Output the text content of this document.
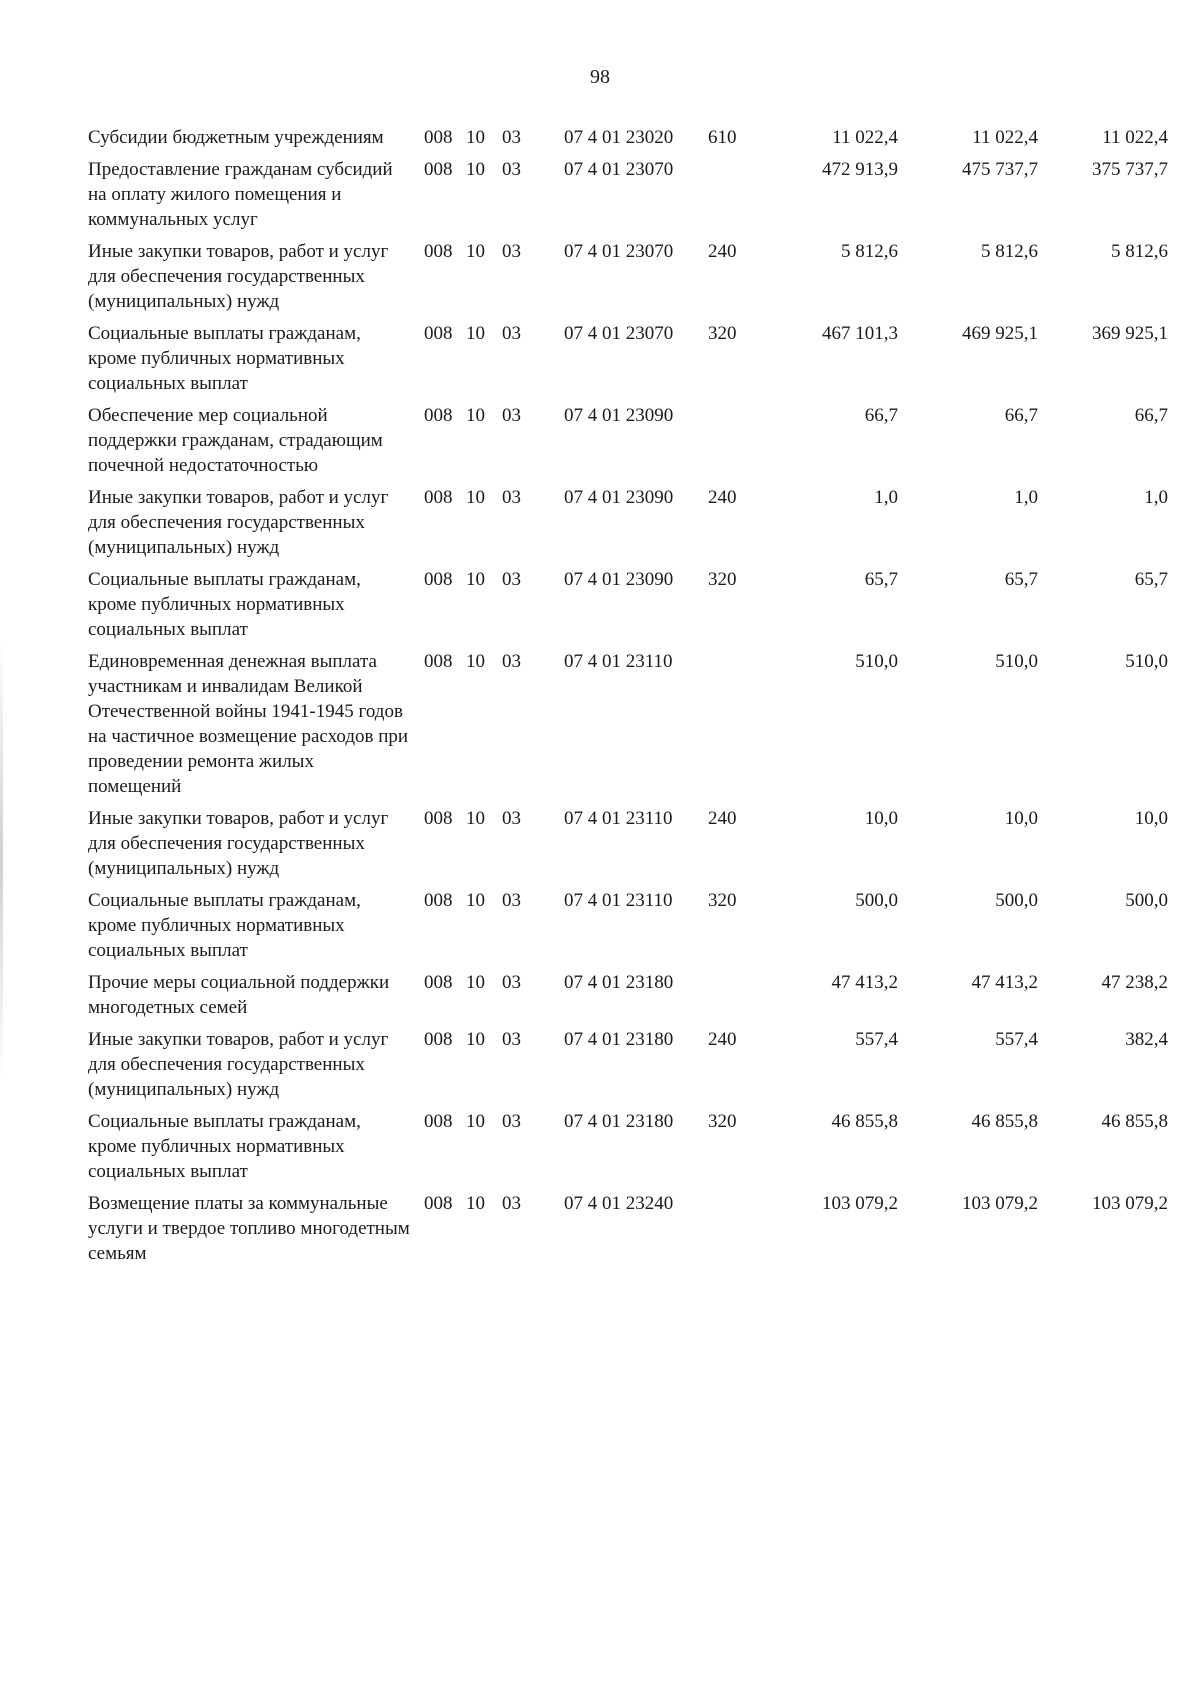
98
Субсидии бюджетным учреждениям	008	10	03	07 4 01 23020	610	11 022,4	11 022,4	11 022,4
Предоставление гражданам субсидий на оплату жилого помещения и коммунальных услуг	008	10	03	07 4 01 23070		472 913,9	475 737,7	375 737,7
Иные закупки товаров, работ и услуг для обеспечения государственных (муниципальных) нужд	008	10	03	07 4 01 23070	240	5 812,6	5 812,6	5 812,6
Социальные выплаты гражданам, кроме публичных нормативных социальных выплат	008	10	03	07 4 01 23070	320	467 101,3	469 925,1	369 925,1
Обеспечение мер социальной поддержки гражданам, страдающим почечной недостаточностью	008	10	03	07 4 01 23090		66,7	66,7	66,7
Иные закупки товаров, работ и услуг для обеспечения государственных (муниципальных) нужд	008	10	03	07 4 01 23090	240	1,0	1,0	1,0
Социальные выплаты гражданам, кроме публичных нормативных социальных выплат	008	10	03	07 4 01 23090	320	65,7	65,7	65,7
Единовременная денежная выплата участникам и инвалидам Великой Отечественной войны 1941-1945 годов на частичное возмещение расходов при проведении ремонта жилых помещений	008	10	03	07 4 01 23110		510,0	510,0	510,0
Иные закупки товаров, работ и услуг для обеспечения государственных (муниципальных) нужд	008	10	03	07 4 01 23110	240	10,0	10,0	10,0
Социальные выплаты гражданам, кроме публичных нормативных социальных выплат	008	10	03	07 4 01 23110	320	500,0	500,0	500,0
Прочие меры социальной поддержки многодетных семей	008	10	03	07 4 01 23180		47 413,2	47 413,2	47 238,2
Иные закупки товаров, работ и услуг для обеспечения государственных (муниципальных) нужд	008	10	03	07 4 01 23180	240	557,4	557,4	382,4
Социальные выплаты гражданам, кроме публичных нормативных социальных выплат	008	10	03	07 4 01 23180	320	46 855,8	46 855,8	46 855,8
Возмещение платы за коммунальные услуги и твердое топливо многодетным семьям	008	10	03	07 4 01 23240		103 079,2	103 079,2	103 079,2
